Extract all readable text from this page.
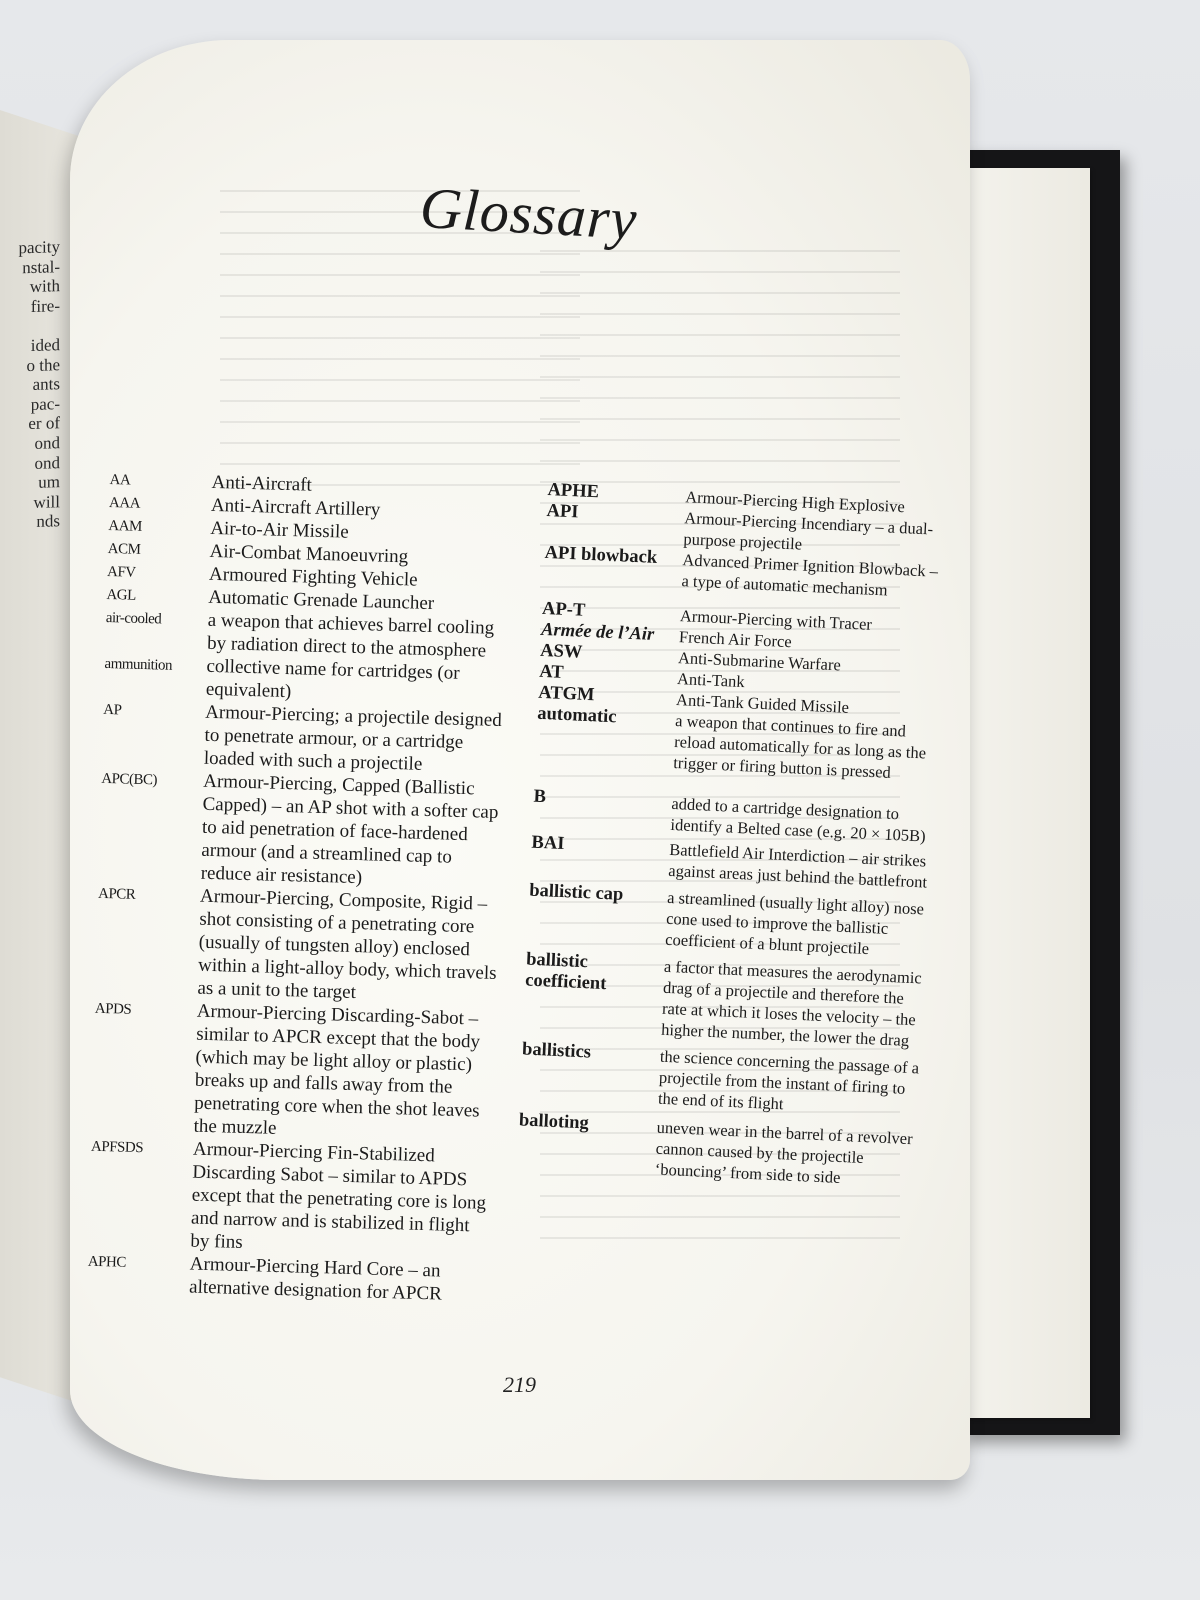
pacity
nstal-
with
fire-

ided
o the
ants
pac-
er of
ond
ond
um
will
nds
Glossary
AA	Anti-Aircraft
AAA	Anti-Aircraft Artillery
AAM	Air-to-Air Missile
ACM	Air-Combat Manoeuvring
AFV	Armoured Fighting Vehicle
AGL	Automatic Grenade Launcher
air-cooled	a weapon that achieves barrel cooling by radiation direct to the atmosphere
ammunition	collective name for cartridges (or equivalent)
AP	Armour-Piercing; a projectile designed to penetrate armour, or a cartridge loaded with such a projectile
APC(BC)	Armour-Piercing, Capped (Ballistic Capped) – an AP shot with a softer cap to aid penetration of face-hardened armour (and a streamlined cap to reduce air resistance)
APCR	Armour-Piercing, Composite, Rigid – shot consisting of a penetrating core (usually of tungsten alloy) enclosed within a light-alloy body, which travels as a unit to the target
APDS	Armour-Piercing Discarding-Sabot – similar to APCR except that the body (which may be light alloy or plastic) breaks up and falls away from the penetrating core when the shot leaves the muzzle
APFSDS	Armour-Piercing Fin-Stabilized Discarding Sabot – similar to APDS except that the penetrating core is long and narrow and is stabilized in flight by fins
APHC	Armour-Piercing Hard Core – an alternative designation for APCR
APHE	Armour-Piercing High Explosive
API	Armour-Piercing Incendiary – a dual-purpose projectile
API blowback	Advanced Primer Ignition Blowback – a type of automatic mechanism
AP-T	Armour-Piercing with Tracer
Armée de l’Air	French Air Force
ASW	Anti-Submarine Warfare
AT	Anti-Tank
ATGM	Anti-Tank Guided Missile
automatic	a weapon that continues to fire and reload automatically for as long as the trigger or firing button is pressed
B	added to a cartridge designation to identify a Belted case (e.g. 20 × 105B)
BAI	Battlefield Air Interdiction – air strikes against areas just behind the battlefront
ballistic cap	a streamlined (usually light alloy) nose cone used to improve the ballistic coefficient of a blunt projectile
ballistic coefficient	a factor that measures the aerodynamic drag of a projectile and therefore the rate at which it loses the velocity – the higher the number, the lower the drag
ballistics	the science concerning the passage of a projectile from the instant of firing to the end of its flight
balloting	uneven wear in the barrel of a revolver cannon caused by the projectile ‘bouncing’ from side to side
219
